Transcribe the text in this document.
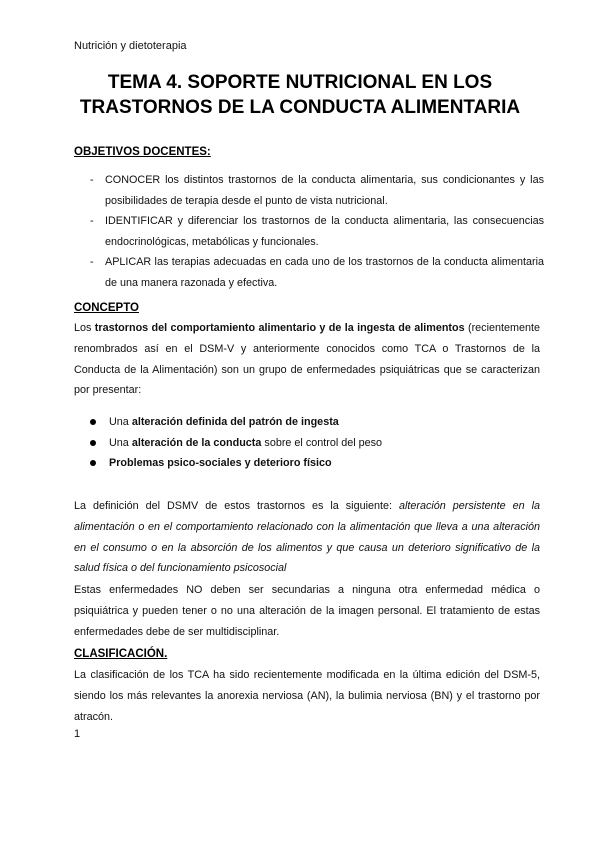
Nutrición y dietoterapia
TEMA 4. SOPORTE NUTRICIONAL EN LOS
TRASTORNOS DE LA CONDUCTA ALIMENTARIA
OBJETIVOS DOCENTES:
- CONOCER los distintos trastornos de la conducta alimentaria, sus condicionantes y las posibilidades de terapia desde el punto de vista nutricional.
- IDENTIFICAR y diferenciar los trastornos de la conducta alimentaria, las consecuencias endocrinológicas, metabólicas y funcionales.
- APLICAR las terapias adecuadas en cada uno de los trastornos de la conducta alimentaria de una manera razonada y efectiva.
CONCEPTO
Los trastornos del comportamiento alimentario y de la ingesta de alimentos (recientemente renombrados así en el DSM-V y anteriormente conocidos como TCA o Trastornos de la Conducta de la Alimentación) son un grupo de enfermedades psiquiátricas que se caracterizan por presentar:
Una alteración definida del patrón de ingesta
Una alteración de la conducta sobre el control del peso
Problemas psico-sociales y deterioro físico
La definición del DSMV de estos trastornos es la siguiente: alteración persistente en la alimentación o en el comportamiento relacionado con la alimentación que lleva a una alteración en el consumo o en la absorción de los alimentos y que causa un deterioro significativo de la salud física o del funcionamiento psicosocial
Estas enfermedades NO deben ser secundarias a ninguna otra enfermedad médica o psiquiátrica y pueden tener o no una alteración de la imagen personal. El tratamiento de estas enfermedades debe de ser multidisciplinar.
CLASIFICACIÓN.
La clasificación de los TCA ha sido recientemente modificada en la última edición del DSM-5, siendo los más relevantes la anorexia nerviosa (AN), la bulimia nerviosa (BN) y el trastorno por atracón.
1
